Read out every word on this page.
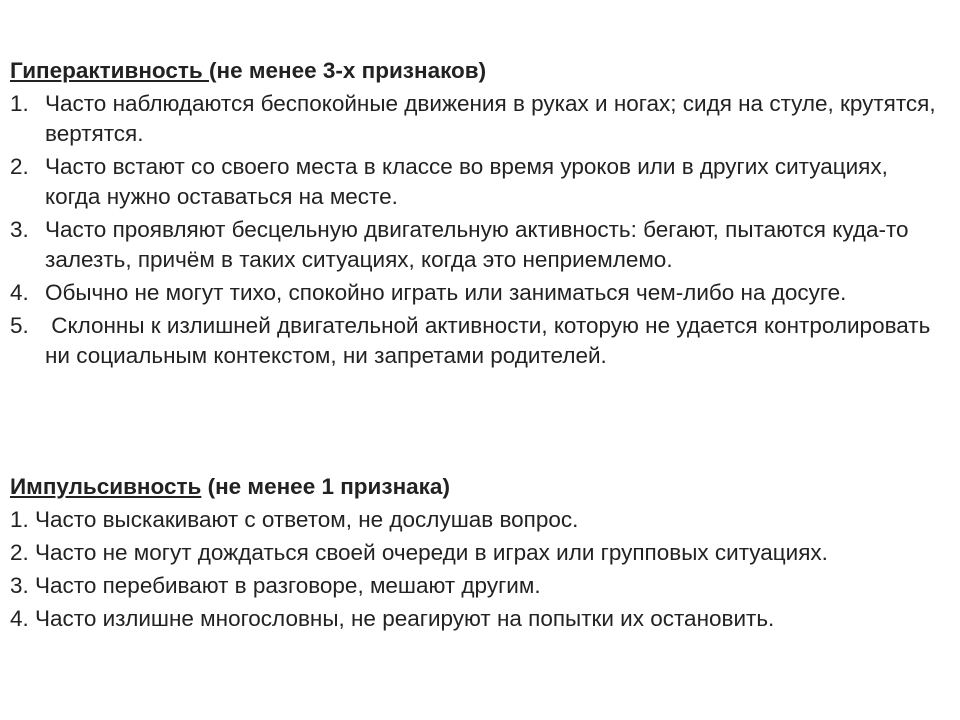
Гиперактивность (не менее 3-х признаков)
1. Часто наблюдаются беспокойные движения в руках и ногах; сидя на стуле, крутятся, вертятся.
2. Часто встают со своего места в классе во время уроков или в других ситуациях, когда нужно оставаться на месте.
3. Часто проявляют бесцельную двигательную активность: бегают, пытаются куда-то залезть, причём в таких ситуациях, когда это неприемлемо.
4. Обычно не могут тихо, спокойно играть или заниматься чем-либо на досуге.
5. Склонны к излишней двигательной активности, которую не удается контролировать ни социальным контекстом, ни запретами родителей.
Импульсивность (не менее 1 признака)
1. Часто выскакивают с ответом, не дослушав вопрос.
2. Часто не могут дождаться своей очереди в играх или групповых ситуациях.
3. Часто перебивают в разговоре, мешают другим.
4. Часто излишне многословны, не реагируют на попытки их остановить.
